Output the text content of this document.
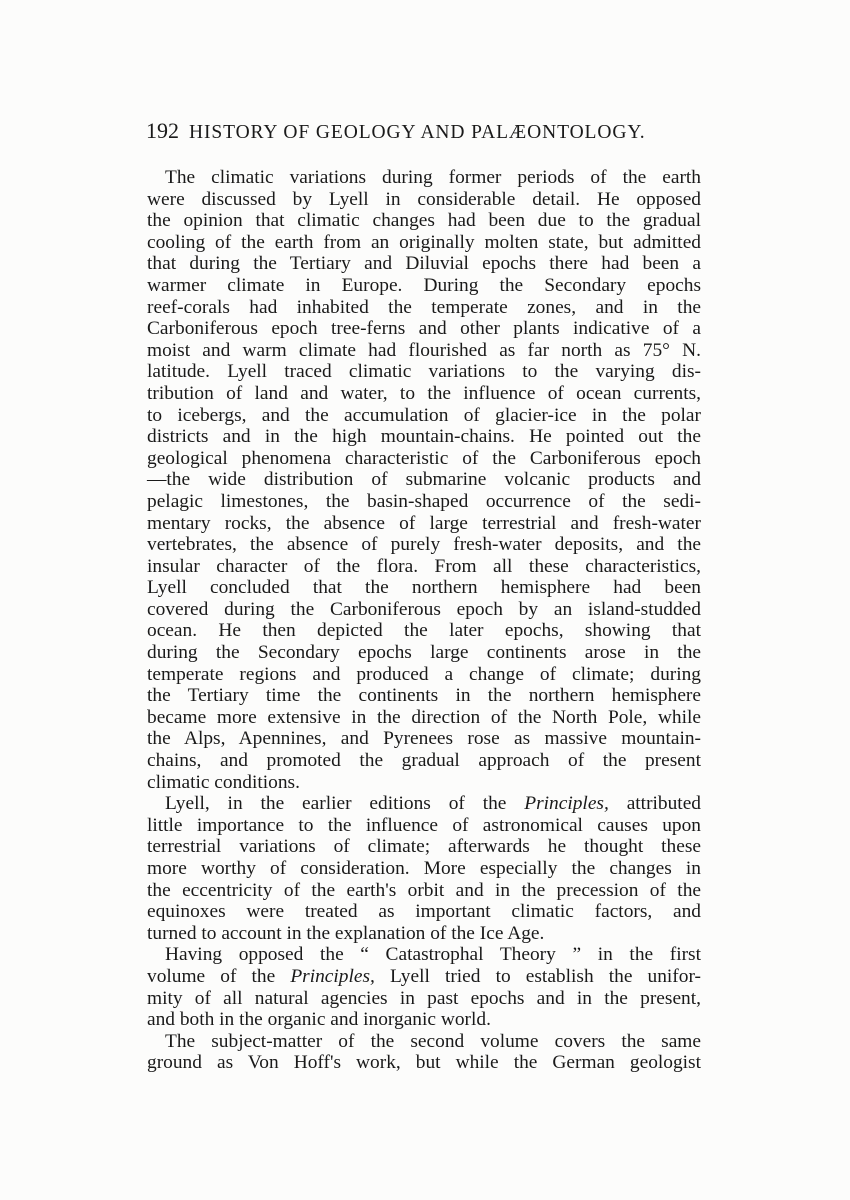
192 HISTORY OF GEOLOGY AND PALÆONTOLOGY.

The climatic variations during former periods of the earth

were discussed by Lyell in considerable detail. He opposed

the opinion that climatic changes had been due to the gradual

cooling of the earth from an originally molten state, but admitted

that during the Tertiary and Diluvial epochs there had been a

warmer climate in Europe. During the Secondary epochs

reef-corals had inhabited the temperate zones, and in the

Carboniferous epoch tree-ferns and other plants indicative of a

moist and warm climate had flourished as far north as 75° N.

latitude. Lyell traced climatic variations to the varying dis-

tribution of land and water, to the influence of ocean currents,

to icebergs, and the accumulation of glacier-ice in the polar

districts and in the high mountain-chains. He pointed out the

geological phenomena characteristic of the Carboniferous epoch

—the wide distribution of submarine volcanic products and

pelagic limestones, the basin-shaped occurrence of the sedi-

mentary rocks, the absence of large terrestrial and fresh-water

vertebrates, the absence of purely fresh-water deposits, and the

insular character of the flora. From all these characteristics,

Lyell concluded that the northern hemisphere had been

covered during the Carboniferous epoch by an island-studded

ocean. He then depicted the later epochs, showing that

during the Secondary epochs large continents arose in the

temperate regions and produced a change of climate; during

the Tertiary time the continents in the northern hemisphere

became more extensive in the direction of the North Pole, while

the Alps, Apennines, and Pyrenees rose as massive mountain-

chains, and promoted the gradual approach of the present

climatic conditions.

Lyell, in the earlier editions of the Principles, attributed

little importance to the influence of astronomical causes upon

terrestrial variations of climate; afterwards he thought these

more worthy of consideration. More especially the changes in

the eccentricity of the earth's orbit and in the precession of the

equinoxes were treated as important climatic factors, and

turned to account in the explanation of the Ice Age.

Having opposed the “ Catastrophal Theory ” in the first

volume of the Principles, Lyell tried to establish the unifor-

mity of all natural agencies in past epochs and in the present,

and both in the organic and inorganic world.

The subject-matter of the second volume covers the same

ground as Von Hoff's work, but while the German geologist
